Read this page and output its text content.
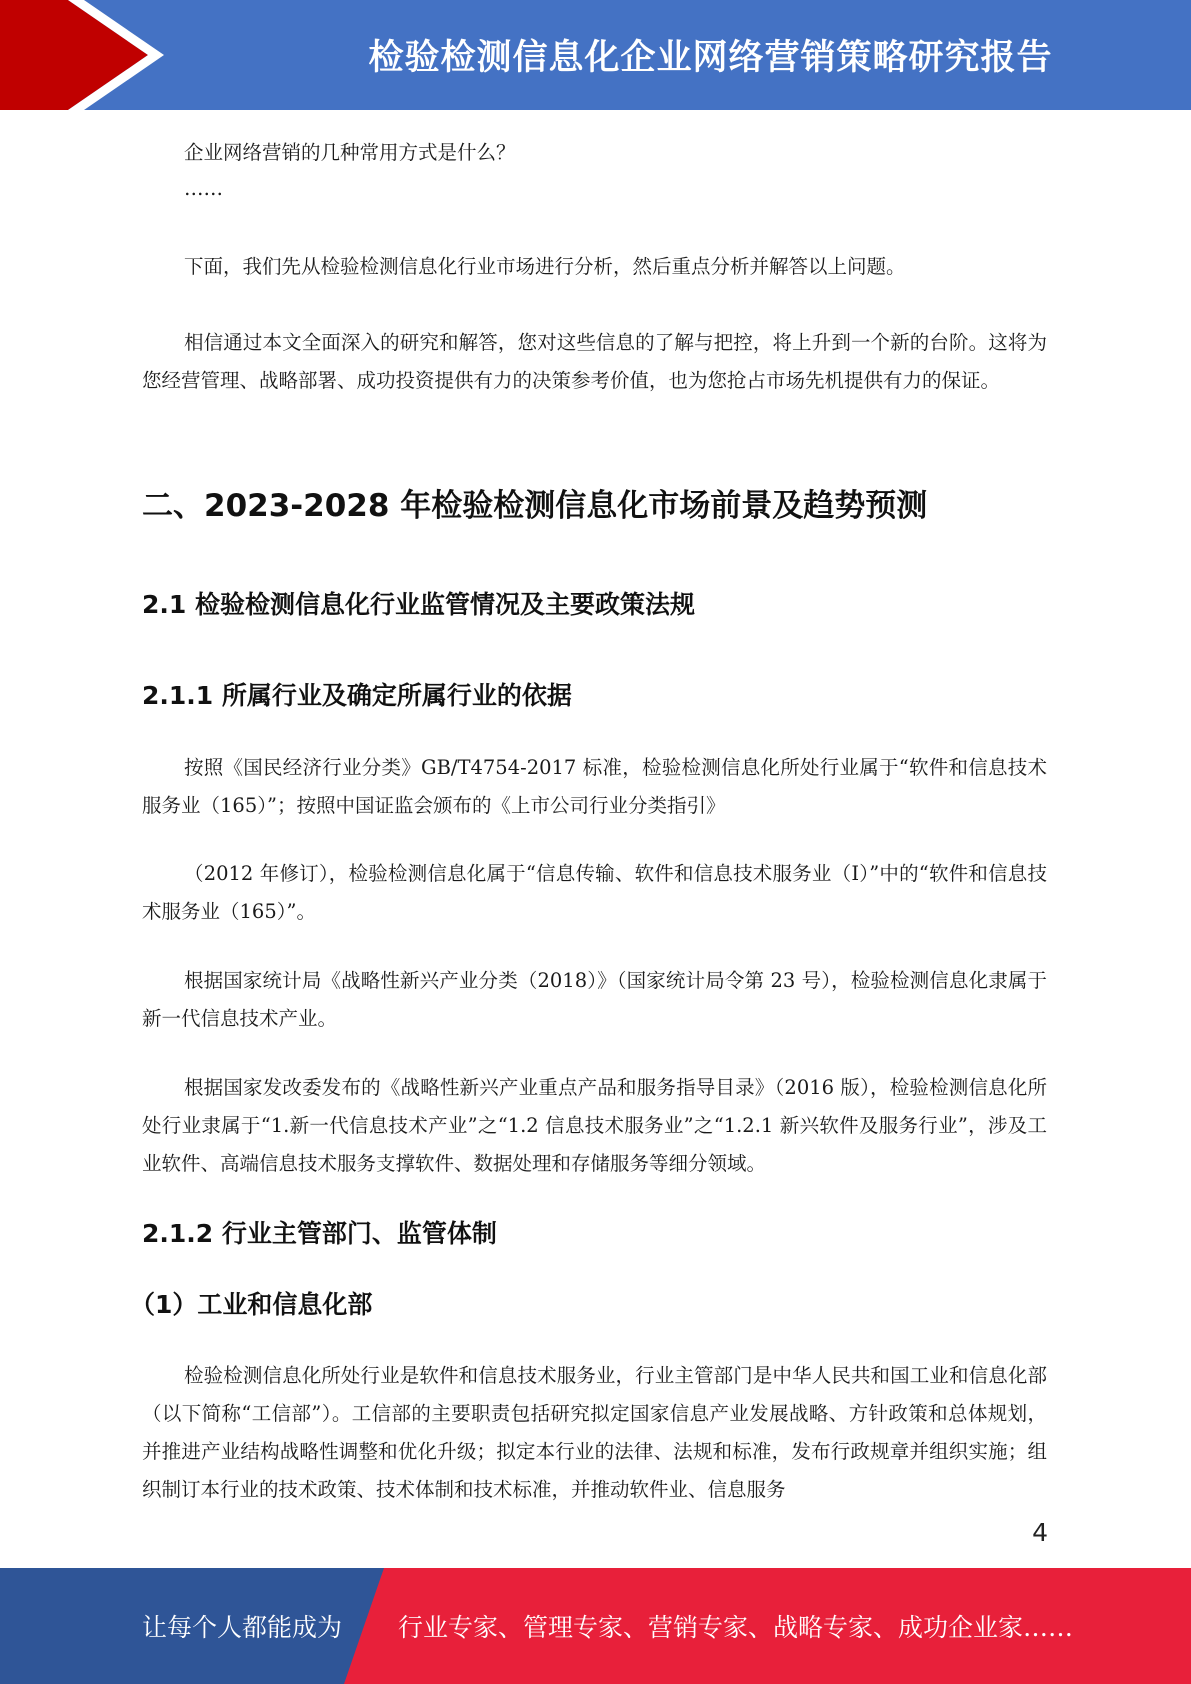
检验检测信息化企业网络营销策略研究报告

企业网络营销的几种常用方式是什么？

……

下面，我们先从检验检测信息化行业市场进行分析，然后重点分析并解答以上问题。

相信通过本文全面深入的研究和解答，您对这些信息的了解与把控，将上升到一个新的台阶。这将为您经营管理、战略部署、成功投资提供有力的决策参考价值，也为您抢占市场先机提供有力的保证。

二、2023-2028 年检验检测信息化市场前景及趋势预测
2.1 检验检测信息化行业监管情况及主要政策法规
2.1.1 所属行业及确定所属行业的依据

按照《国民经济行业分类》GB/T4754-2017 标准，检验检测信息化所处行业属于“软件和信息技术服务业（165）”；按照中国证监会颁布的《上市公司行业分类指引》

（2012 年修订），检验检测信息化属于“信息传输、软件和信息技术服务业（I）”中的“软件和信息技术服务业（165）”。

根据国家统计局《战略性新兴产业分类（2018）》（国家统计局令第 23 号），检验检测信息化隶属于新一代信息技术产业。

根据国家发改委发布的《战略性新兴产业重点产品和服务指导目录》（2016 版），检验检测信息化所处行业隶属于“1.新一代信息技术产业”之“1.2 信息技术服务业”之“1.2.1 新兴软件及服务行业”，涉及工业软件、高端信息技术服务支撑软件、数据处理和存储服务等细分领域。

2.1.2 行业主管部门、监管体制
（1）工业和信息化部

检验检测信息化所处行业是软件和信息技术服务业，行业主管部门是中华人民共和国工业和信息化部（以下简称“工信部”）。工信部的主要职责包括研究拟定国家信息产业发展战略、方针政策和总体规划，并推进产业结构战略性调整和优化升级；拟定本行业的法律、法规和标准，发布行政规章并组织实施；组织制订本行业的技术政策、技术体制和技术标准，并推动软件业、信息服务

4
让每个人都能成为 行业专家、管理专家、营销专家、战略专家、成功企业家……
